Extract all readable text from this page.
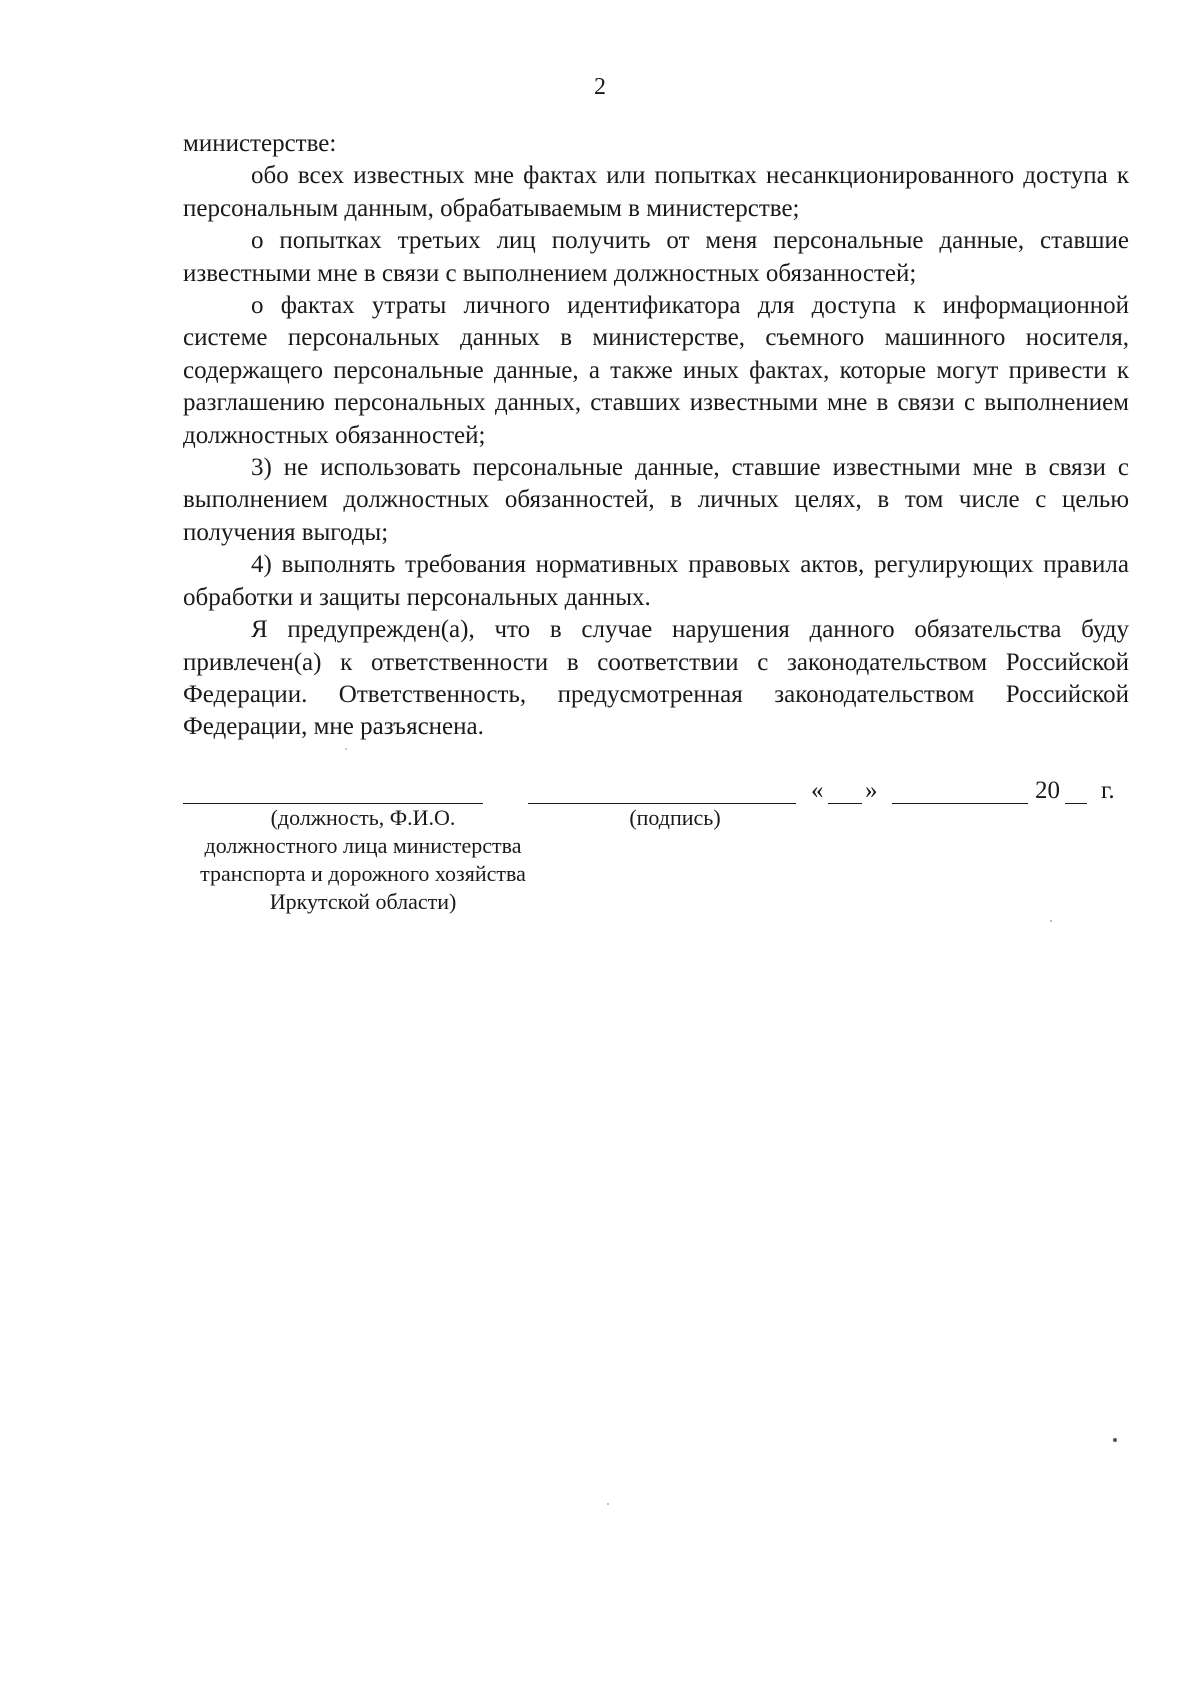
2

министерстве:

обо всех известных мне фактах или попытках несанкционированного доступа к персональным данным, обрабатываемым в министерстве;

о попытках третьих лиц получить от меня персональные данные, ставшие известными мне в связи с выполнением должностных обязанностей;

о фактах утраты личного идентификатора для доступа к информационной системе персональных данных в министерстве, съемного машинного носителя, содержащего персональные данные, а также иных фактах, которые могут привести к разглашению персональных данных, ставших известными мне в связи с выполнением должностных обязанностей;

3) не использовать персональные данные, ставшие известными мне в связи с выполнением должностных обязанностей, в личных целях, в том числе с целью получения выгоды;

4) выполнять требования нормативных правовых актов, регулирующих правила обработки и защиты персональных данных.

Я предупрежден(а), что в случае нарушения данного обязательства буду привлечен(а) к ответственности в соответствии с законодательством Российской Федерации. Ответственность, предусмотренная законодательством Российской Федерации, мне разъяснена.

« »	20 г.
(должность, Ф.И.О.
должностного лица министерства
транспорта и дорожного хозяйства
Иркутской области)
(подпись)
